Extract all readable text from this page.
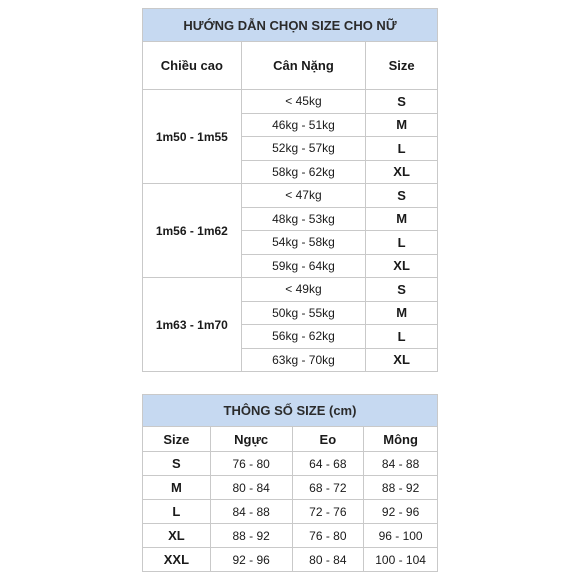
HƯỚNG DẪN CHỌN SIZE CHO NỮ		
Chiều cao	Cân Nặng	Size
1m50 - 1m55	< 45kg	S
	46kg - 51kg	M
	52kg - 57kg	L
	58kg - 62kg	XL
1m56 - 1m62	< 47kg	S
	48kg - 53kg	M
	54kg - 58kg	L
	59kg - 64kg	XL
1m63 - 1m70	< 49kg	S
	50kg - 55kg	M
	56kg - 62kg	L
	63kg - 70kg	XL
THÔNG SỐ SIZE (cm)			
Size	Ngực	Eo	Mông
S	76 - 80	64 - 68	84 - 88
M	80 - 84	68 - 72	88 - 92
L	84 - 88	72 - 76	92 - 96
XL	88 - 92	76 - 80	96 - 100
XXL	92 - 96	80 - 84	100 - 104
